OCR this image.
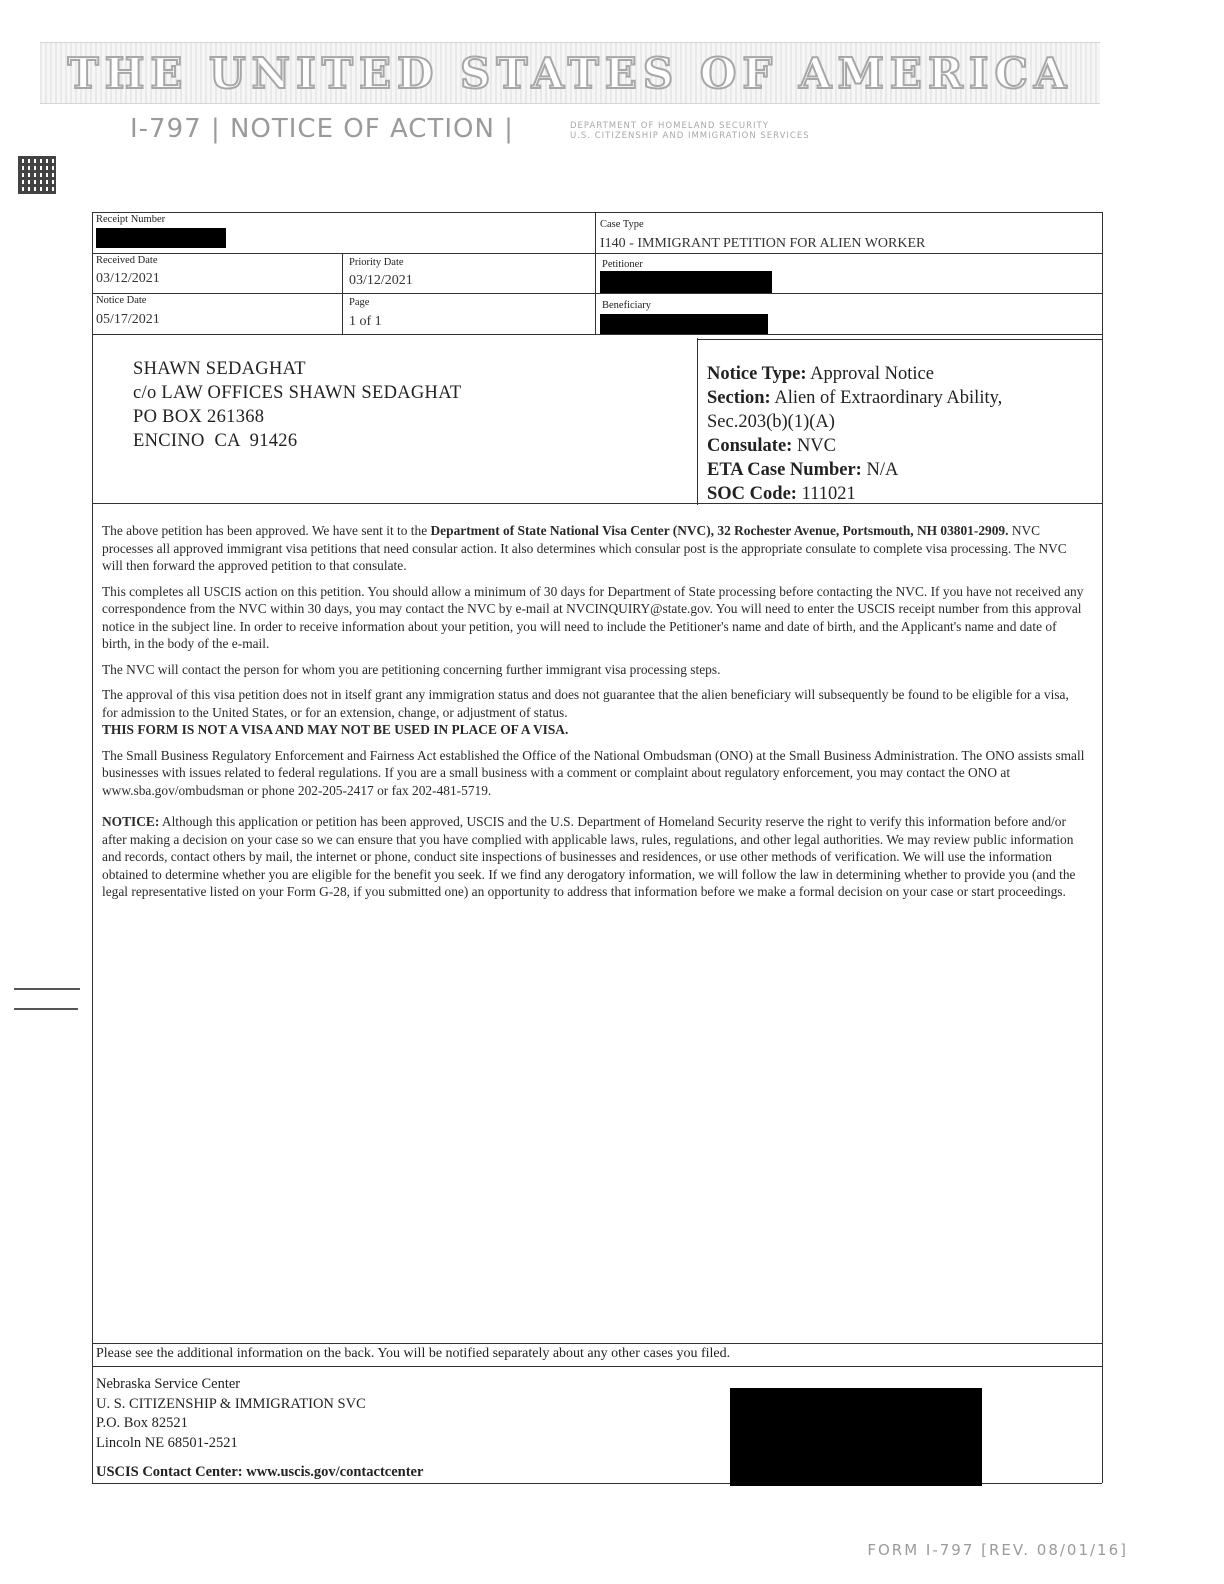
THE UNITED STATES OF AMERICA
I-797 | NOTICE OF ACTION |	DEPARTMENT OF HOMELAND SECURITY
U.S. CITIZENSHIP AND IMMIGRATION SERVICES
Receipt Number	Case Type
I140 - IMMIGRANT PETITION FOR ALIEN WORKER
Received Date
03/12/2021
Priority Date
03/12/2021
Petitioner
Notice Date
05/17/2021
Page
1 of 1
Beneficiary
SHAWN SEDAGHAT
c/o LAW OFFICES SHAWN SEDAGHAT
PO BOX 261368
ENCINO  CA  91426
Notice Type: Approval Notice
Section: Alien of Extraordinary Ability,
Sec.203(b)(1)(A)
Consulate: NVC
ETA Case Number: N/A
SOC Code: 111021

The above petition has been approved. We have sent it to the Department of State National Visa Center (NVC), 32 Rochester Avenue, Portsmouth, NH 03801-2909. NVC processes all approved immigrant visa petitions that need consular action. It also determines which consular post is the appropriate consulate to complete visa processing. The NVC will then forward the approved petition to that consulate.

This completes all USCIS action on this petition. You should allow a minimum of 30 days for Department of State processing before contacting the NVC. If you have not received any correspondence from the NVC within 30 days, you may contact the NVC by e-mail at NVCINQUIRY@state.gov. You will need to enter the USCIS receipt number from this approval notice in the subject line. In order to receive information about your petition, you will need to include the Petitioner's name and date of birth, and the Applicant's name and date of birth, in the body of the e-mail.

The NVC will contact the person for whom you are petitioning concerning further immigrant visa processing steps.

The approval of this visa petition does not in itself grant any immigration status and does not guarantee that the alien beneficiary will subsequently be found to be eligible for a visa, for admission to the United States, or for an extension, change, or adjustment of status.
THIS FORM IS NOT A VISA AND MAY NOT BE USED IN PLACE OF A VISA.

The Small Business Regulatory Enforcement and Fairness Act established the Office of the National Ombudsman (ONO) at the Small Business Administration. The ONO assists small businesses with issues related to federal regulations. If you are a small business with a comment or complaint about regulatory enforcement, you may contact the ONO at www.sba.gov/ombudsman or phone 202-205-2417 or fax 202-481-5719.

NOTICE: Although this application or petition has been approved, USCIS and the U.S. Department of Homeland Security reserve the right to verify this information before and/or after making a decision on your case so we can ensure that you have complied with applicable laws, rules, regulations, and other legal authorities. We may review public information and records, contact others by mail, the internet or phone, conduct site inspections of businesses and residences, or use other methods of verification. We will use the information obtained to determine whether you are eligible for the benefit you seek. If we find any derogatory information, we will follow the law in determining whether to provide you (and the legal representative listed on your Form G-28, if you submitted one) an opportunity to address that information before we make a formal decision on your case or start proceedings.

Please see the additional information on the back. You will be notified separately about any other cases you filed.
Nebraska Service Center
U. S. CITIZENSHIP & IMMIGRATION SVC
P.O. Box 82521
Lincoln NE 68501-2521
USCIS Contact Center: www.uscis.gov/contactcenter
FORM I-797 [REV. 08/01/16]
